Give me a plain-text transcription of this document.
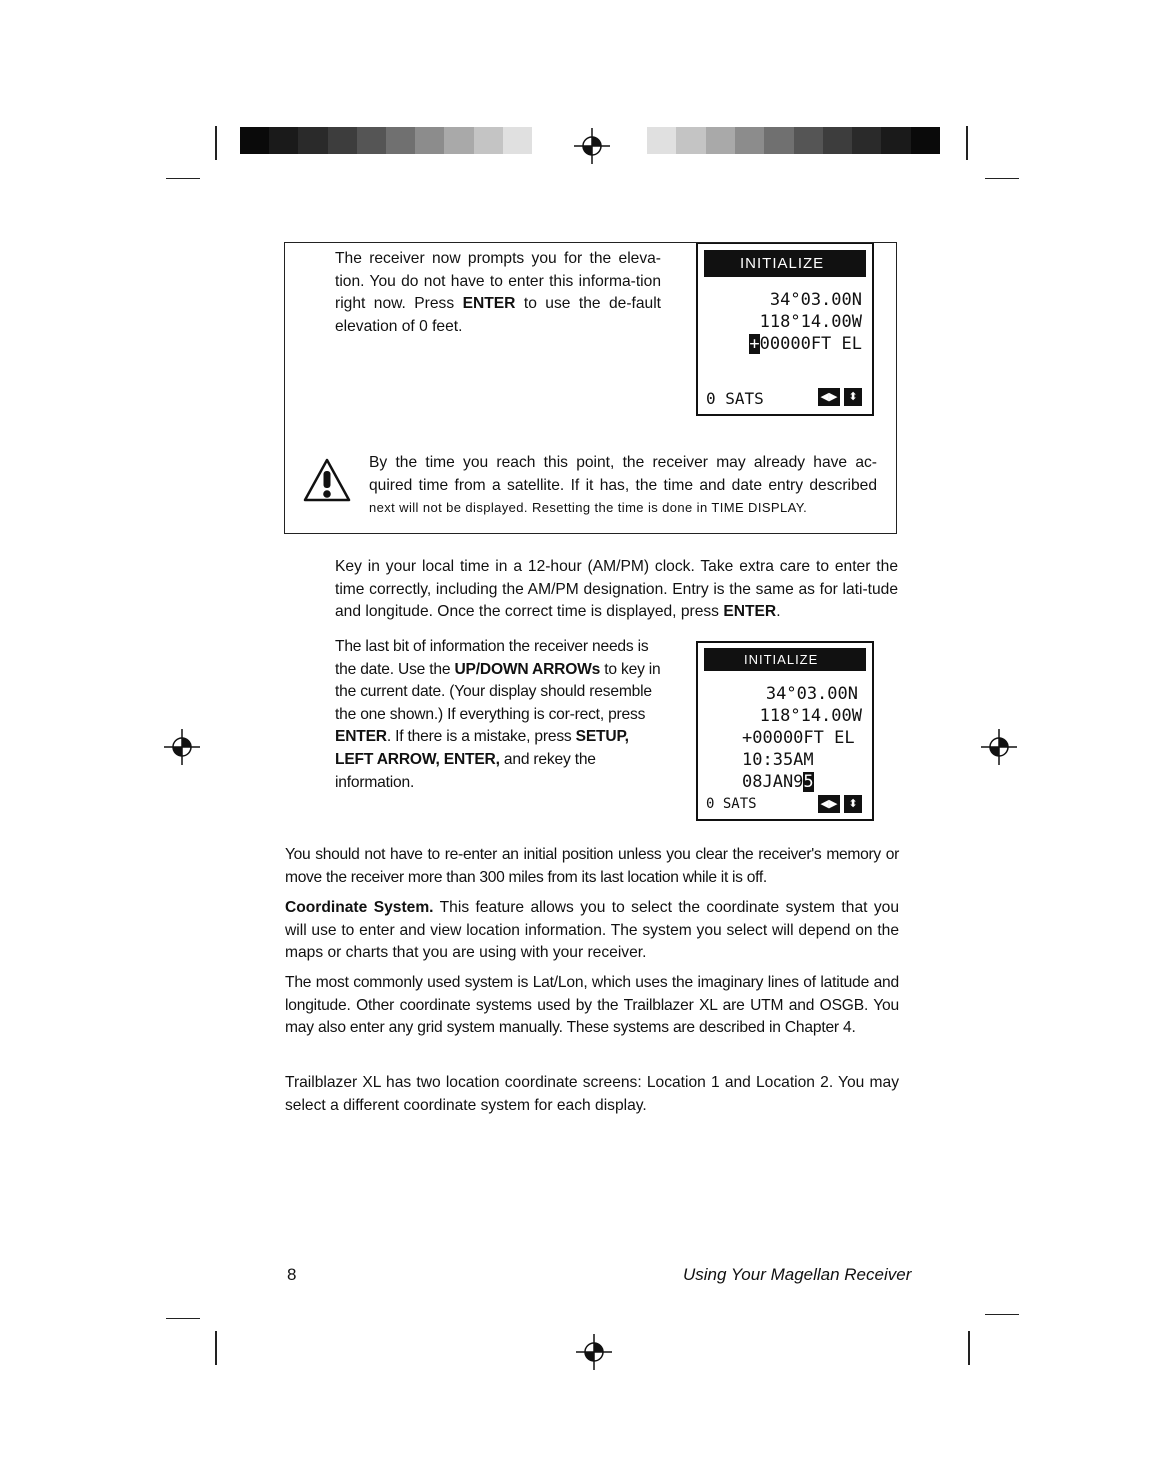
The receiver now prompts you for the eleva-tion. You do not have to enter this informa-tion right now. Press ENTER to use the de-fault elevation of 0 feet.

INITIALIZE
34°03.00N
118°14.00W
+00000FT EL
0 SATS	◀▶ ⬍
By the time you reach this point, the receiver may already have ac-
quired time from a satellite. If it has, the time and date entry described
next will not be displayed. Resetting the time is done in TIME DISPLAY.

Key in your local time in a 12-hour (AM/PM) clock. Take extra care to enter the time correctly, including the AM/PM designation. Entry is the same as for lati-tude and longitude. Once the correct time is displayed, press ENTER.

The last bit of information the receiver needs is the date. Use the UP/DOWN ARROWs to key in the current date. (Your display should resemble the one shown.) If everything is cor-rect, press ENTER. If there is a mistake, press SETUP, LEFT ARROW, ENTER, and rekey the information.

INITIALIZE
34°03.00N
118°14.00W
+00000FT EL
10:35AM
08JAN95
0 SATS	◀▶ ⬍

You should not have to re-enter an initial position unless you clear the receiver's memory or move the receiver more than 300 miles from its last location while it is off.

Coordinate System. This feature allows you to select the coordinate system that you will use to enter and view location information. The system you select will depend on the maps or charts that you are using with your receiver.

The most commonly used system is Lat/Lon, which uses the imaginary lines of latitude and longitude. Other coordinate systems used by the Trailblazer XL are UTM and OSGB. You may also enter any grid system manually. These systems are described in Chapter 4.

Trailblazer XL has two location coordinate screens: Location 1 and Location 2. You may select a different coordinate system for each display.

8	Using Your Magellan Receiver
